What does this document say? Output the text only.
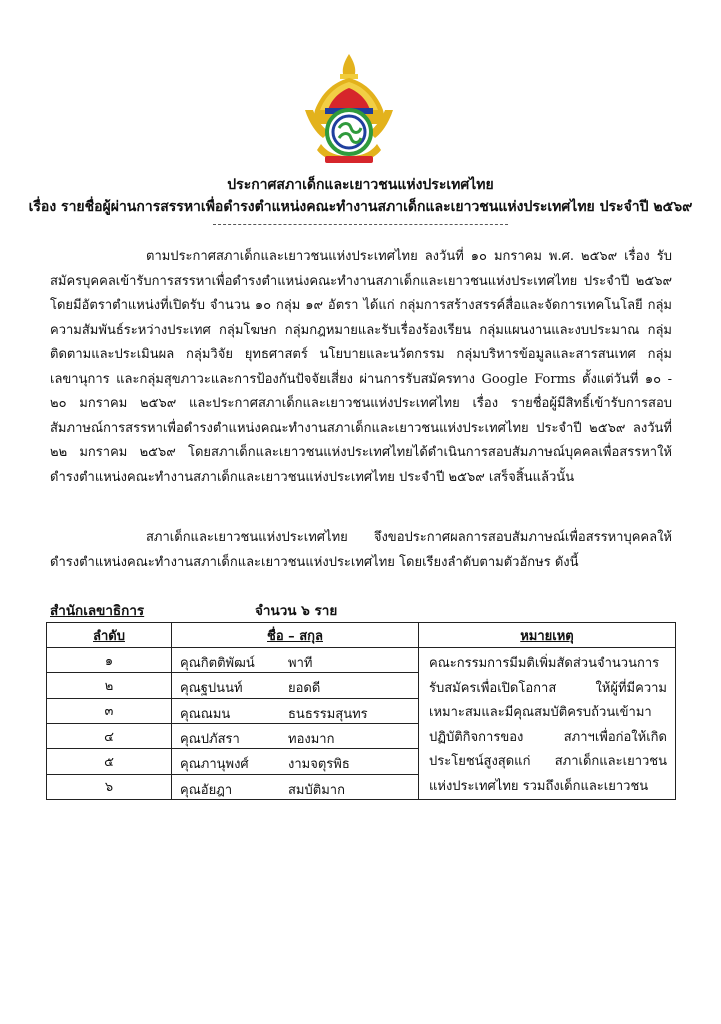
ประกาศสภาเด็กและเยาวชนแห่งประเทศไทย
เรื่อง รายชื่อผู้ผ่านการสรรหาเพื่อดำรงตำแหน่งคณะทำงานสภาเด็กและเยาวชนแห่งประเทศไทย ประจำปี ๒๕๖๙
ตามประกาศสภาเด็กและเยาวชนแห่งประเทศไทย ลงวันที่ ๑๐ มกราคม พ.ศ. ๒๕๖๙ เรื่อง รับสมัครบุคคลเข้ารับการสรรหาเพื่อดำรงตำแหน่งคณะทำงานสภาเด็กและเยาวชนแห่งประเทศไทย ประจำปี ๒๕๖๙ โดยมีอัตราตำแหน่งที่เปิดรับ จำนวน ๑๐ กลุ่ม ๑๙ อัตรา ได้แก่ กลุ่มการสร้างสรรค์สื่อและจัดการเทคโนโลยี กลุ่มความสัมพันธ์ระหว่างประเทศ กลุ่มโฆษก กลุ่มกฎหมายและรับเรื่องร้องเรียน กลุ่มแผนงานและงบประมาณ กลุ่มติดตามและประเมินผล กลุ่มวิจัย ยุทธศาสตร์ นโยบายและนวัตกรรม กลุ่มบริหารข้อมูลและสารสนเทศ กลุ่มเลขานุการ และกลุ่มสุขภาวะและการป้องกันปัจจัยเสี่ยง ผ่านการรับสมัครทาง Google Forms ตั้งแต่วันที่ ๑๐ - ๒๐ มกราคม ๒๕๖๙ และประกาศสภาเด็กและเยาวชนแห่งประเทศไทย เรื่อง รายชื่อผู้มีสิทธิ์เข้ารับการสอบสัมภาษณ์การสรรหาเพื่อดำรงตำแหน่งคณะทำงานสภาเด็กและเยาวชนแห่งประเทศไทย ประจำปี ๒๕๖๙ ลงวันที่ ๒๒ มกราคม ๒๕๖๙ โดยสภาเด็กและเยาวชนแห่งประเทศไทยได้ดำเนินการสอบสัมภาษณ์บุคคลเพื่อสรรหาให้ดำรงตำแหน่งคณะทำงานสภาเด็กและเยาวชนแห่งประเทศไทย ประจำปี ๒๕๖๙ เสร็จสิ้นแล้วนั้น
สภาเด็กและเยาวชนแห่งประเทศไทย จึงขอประกาศผลการสอบสัมภาษณ์เพื่อสรรหาบุคคลให้ดำรงตำแหน่งคณะทำงานสภาเด็กและเยาวชนแห่งประเทศไทย โดยเรียงลำดับตามตัวอักษร ดังนี้
สำนักเลขาธิการ	จำนวน ๖ ราย
ลำดับ	ชื่อ – สกุล	หมายเหตุ
๑	คุณกิตติพัฒน์ พาที	คณะกรรมการมีมติเพิ่มสัดส่วนจำนวนการรับสมัครเพื่อเปิดโอกาส ให้ผู้ที่มีความเหมาะสมและมีคุณสมบัติครบถ้วนเข้ามาปฏิบัติกิจการของ สภาฯเพื่อก่อให้เกิดประโยชน์สูงสุดแก่ สภาเด็กและเยาวชนแห่งประเทศไทย รวมถึงเด็กและเยาวชน
๒	คุณฐปนนท์ ยอดดี	

๓	คุณณมน ธนธรรมสุนทร	

๔	คุณปภัสรา ทองมาก	

๕	คุณภานุพงศ์ งามจตุรพิธ	

๖	คุณอัยฎา สมบัติมาก	
